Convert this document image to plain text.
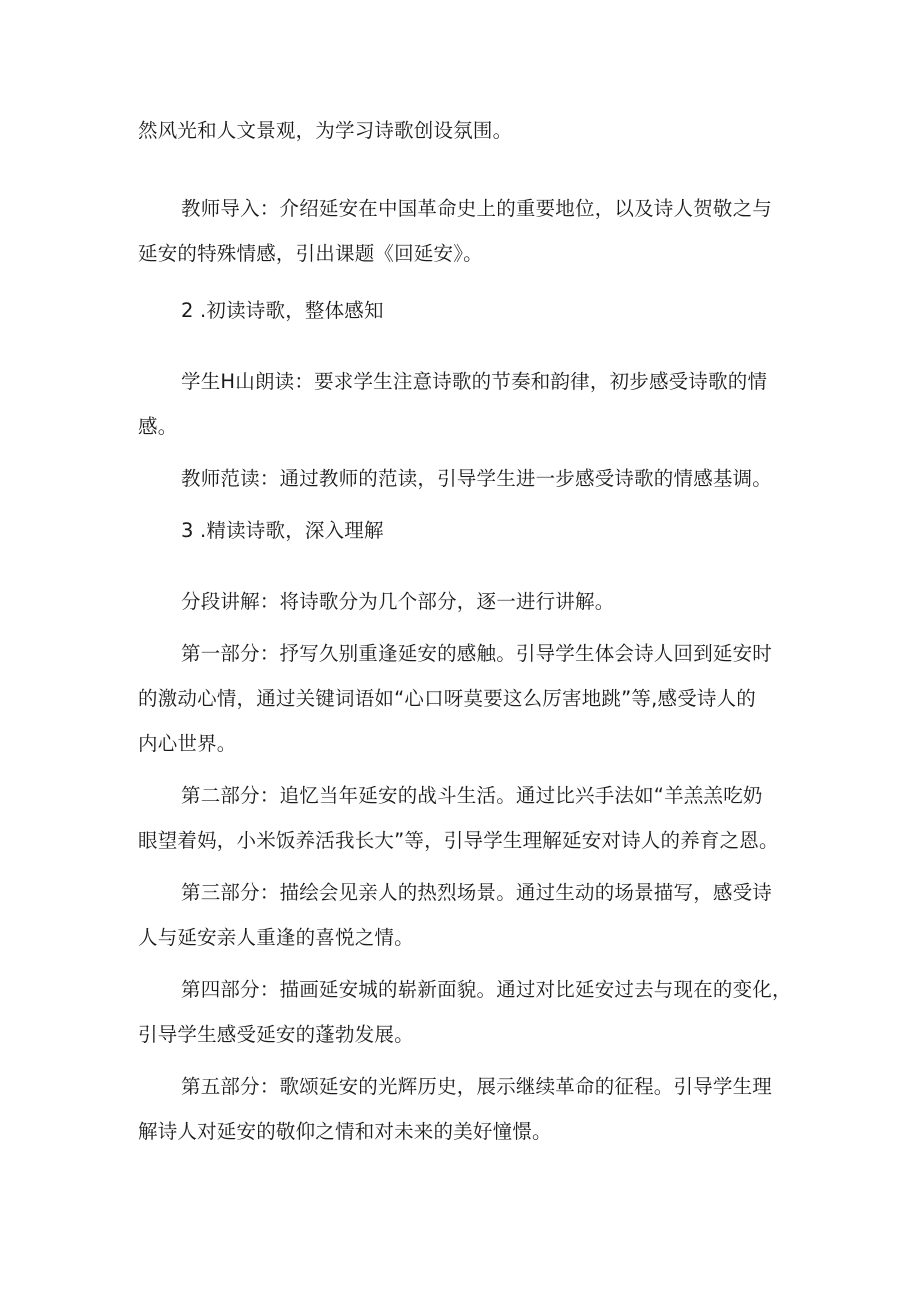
然风光和人文景观，为学习诗歌创设氛围。

教师导入：介绍延安在中国革命史上的重要地位，以及诗人贺敬之与

延安的特殊情感，引出课题《回延安》。

2 .初读诗歌，整体感知

学生H山朗读：要求学生注意诗歌的节奏和韵律，初步感受诗歌的情

感。

教师范读：通过教师的范读，引导学生进一步感受诗歌的情感基调。

3 .精读诗歌，深入理解

分段讲解：将诗歌分为几个部分，逐一进行讲解。

第一部分：抒写久别重逢延安的感触。引导学生体会诗人回到延安时

的激动心情，通过关键词语如“心口呀莫要这么厉害地跳”等,感受诗人的

内心世界。

第二部分：追忆当年延安的战斗生活。通过比兴手法如“羊羔羔吃奶

眼望着妈，小米饭养活我长大”等，引导学生理解延安对诗人的养育之恩。

第三部分：描绘会见亲人的热烈场景。通过生动的场景描写，感受诗

人与延安亲人重逢的喜悦之情。

第四部分：描画延安城的崭新面貌。通过对比延安过去与现在的变化，

引导学生感受延安的蓬勃发展。

第五部分：歌颂延安的光辉历史，展示继续革命的征程。引导学生理

解诗人对延安的敬仰之情和对未来的美好憧憬。
